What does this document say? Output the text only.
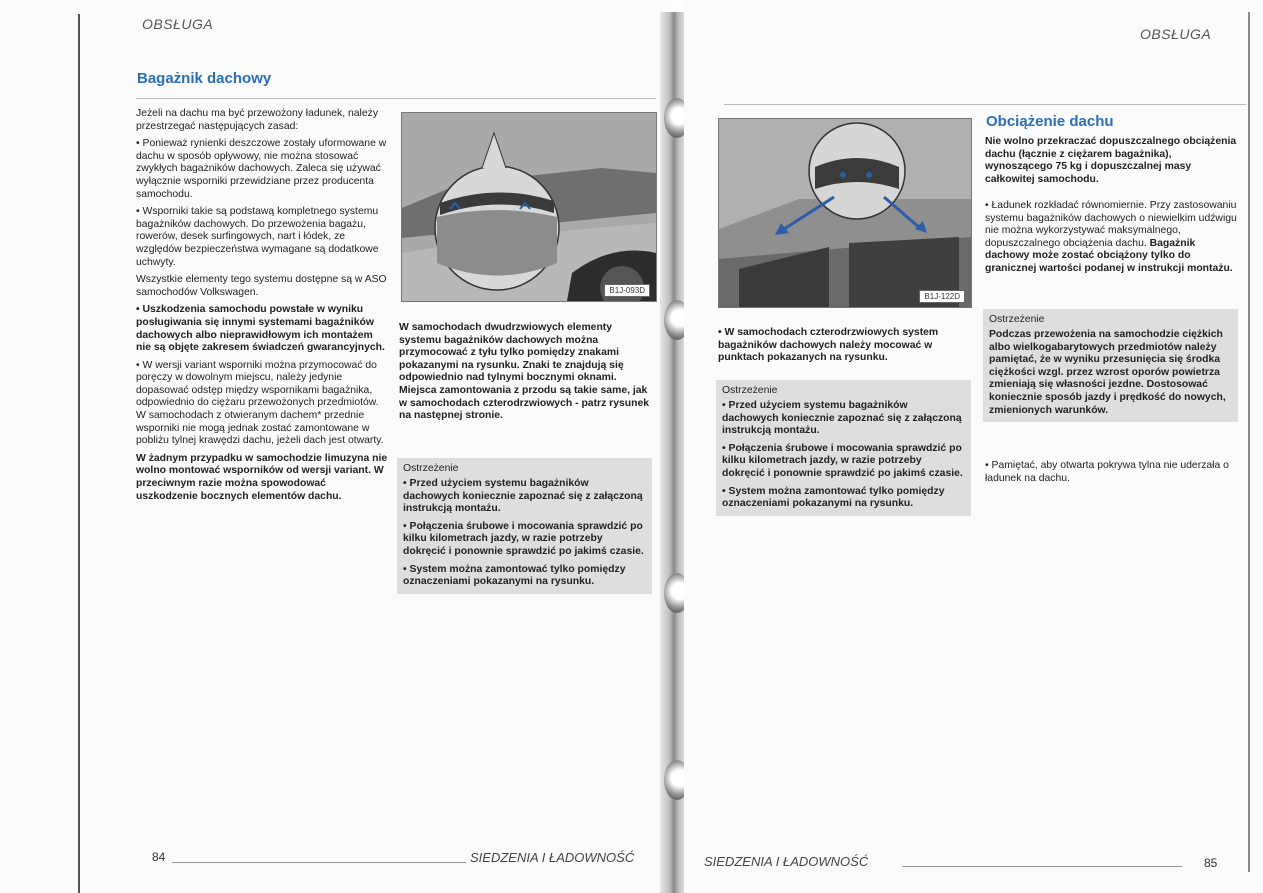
OBSŁUGA
Bagażnik dachowy

Jeżeli na dachu ma być przewożony ładunek, należy przestrzegać następujących zasad:

• Ponieważ rynienki deszczowe zostały uformowane w dachu w sposób opływowy, nie można stosować zwykłych bagażników dachowych. Zaleca się używać wyłącznie wsporniki przewidziane przez producenta samochodu.

• Wsporniki takie są podstawą kompletnego systemu bagażników dachowych. Do przewożenia bagażu, rowerów, desek surfingowych, nart i łódek, ze względów bezpieczeństwa wymagane są dodatkowe uchwyty.

Wszystkie elementy tego systemu dostępne są w ASO samochodów Volkswagen.

• Uszkodzenia samochodu powstałe w wyniku posługiwania się innymi systemami bagażników dachowych albo nieprawidłowym ich montażem nie są objęte zakresem świadczeń gwarancyjnych.

• W wersji variant wsporniki można przymocować do poręczy w dowolnym miejscu, należy jedynie dopasować odstęp między wspornikami bagażnika, odpowiednio do ciężaru przewożonych przedmiotów. W samochodach z otwieranym dachem* przednie wsporniki nie mogą jednak zostać zamontowane w pobliżu tylnej krawędzi dachu, jeżeli dach jest otwarty.

W żadnym przypadku w samochodzie limuzyna nie wolno montować wsporników od wersji variant. W przeciwnym razie można spowodować uszkodzenie bocznych elementów dachu.

B1J-093D
W samochodach dwudrzwiowych elementy systemu bagażników dachowych można przymocować z tyłu tylko pomiędzy znakami pokazanymi na rysunku. Znaki te znajdują się odpowiednio nad tylnymi bocznymi oknami. Miejsca zamontowania z przodu są takie same, jak w samochodach czterodrzwiowych - patrz rysunek na następnej stronie.
Ostrzeżenie

• Przed użyciem systemu bagażników dachowych koniecznie zapoznać się z załączoną instrukcją montażu.

• Połączenia śrubowe i mocowania sprawdzić po kilku kilometrach jazdy, w razie potrzeby dokręcić i ponownie sprawdzić po jakimś czasie.

• System można zamontować tylko pomiędzy oznaczeniami pokazanymi na rysunku.

84	SIEDZENIA I ŁADOWNOŚĆ
OBSŁUGA
B1J-122D
• W samochodach czterodrzwiowych system bagażników dachowych należy mocować w punktach pokazanych na rysunku.
Ostrzeżenie

• Przed użyciem systemu bagażników dachowych koniecznie zapoznać się z załączoną instrukcją montażu.

• Połączenia śrubowe i mocowania sprawdzić po kilku kilometrach jazdy, w razie potrzeby dokręcić i ponownie sprawdzić po jakimś czasie.

• System można zamontować tylko pomiędzy oznaczeniami pokazanymi na rysunku.

Obciążenie dachu
Nie wolno przekraczać dopuszczalnego obciążenia dachu (łącznie z ciężarem bagażnika), wynoszącego 75 kg i dopuszczalnej masy całkowitej samochodu.
• Ładunek rozkładać równomiernie. Przy zastosowaniu systemu bagażników dachowych o niewielkim udźwigu nie można wykorzystywać maksymalnego, dopuszczalnego obciążenia dachu. Bagażnik dachowy może zostać obciążony tylko do granicznej wartości podanej w instrukcji montażu.
Ostrzeżenie

Podczas przewożenia na samochodzie ciężkich albo wielkogabarytowych przedmiotów należy pamiętać, że w wyniku przesunięcia się środka ciężkości wzgl. przez wzrost oporów powietrza zmieniają się własności jezdne. Dostosować koniecznie sposób jazdy i prędkość do nowych, zmienionych warunków.

• Pamiętać, aby otwarta pokrywa tylna nie uderzała o ładunek na dachu.
SIEDZENIA I ŁADOWNOŚĆ	85
